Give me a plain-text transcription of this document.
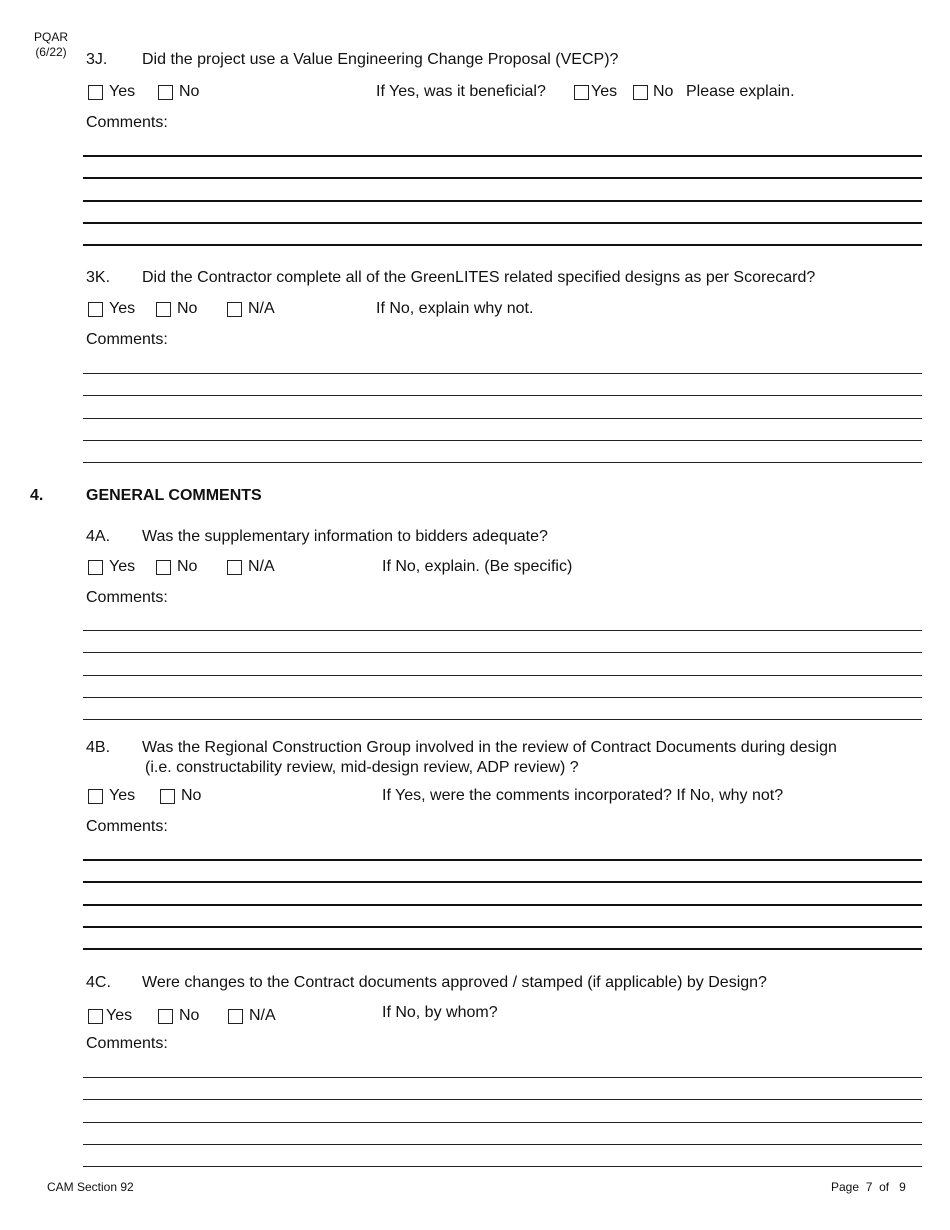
PQAR
(6/22)	3J. Did the project use a Value Engineering Change Proposal (VECP)?
Yes	No	If Yes, was it beneficial?	Yes No Please explain.
Comments:
3K. Did the Contractor complete all of the GreenLITES related specified designs as per Scorecard?
Yes	No	N/A	If No, explain why not.
Comments:
4.	GENERAL COMMENTS
4A. Was the supplementary information to bidders adequate?
Yes	No	N/A	If No, explain. (Be specific)
Comments:
4B. Was the Regional Construction Group involved in the review of Contract Documents during design
(i.e. constructability review, mid-design review, ADP review) ?
Yes	No	If Yes, were the comments incorporated? If No, why not?
Comments:
4C. Were changes to the Contract documents approved / stamped (if applicable) by Design?
Yes	No	N/A	If No, by whom?
Comments:
CAM Section 92	Page 7 of 9
